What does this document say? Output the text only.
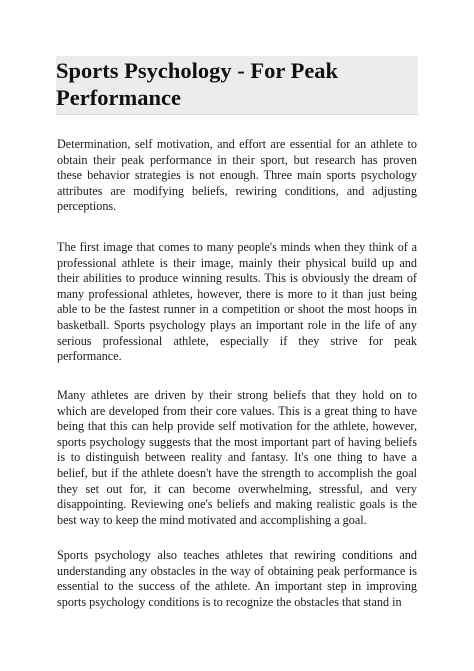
Sports Psychology - For Peak Performance

Determination, self motivation, and effort are essential for an athlete to obtain their peak performance in their sport, but research has proven these behavior strategies is not enough. Three main sports psychology attributes are modifying beliefs, rewiring conditions, and adjusting perceptions.

The first image that comes to many people's minds when they think of a professional athlete is their image, mainly their physical build up and their abilities to produce winning results. This is obviously the dream of many professional athletes, however, there is more to it than just being able to be the fastest runner in a competition or shoot the most hoops in basketball. Sports psychology plays an important role in the life of any serious professional athlete, especially if they strive for peak performance.

Many athletes are driven by their strong beliefs that they hold on to which are developed from their core values. This is a great thing to have being that this can help provide self motivation for the athlete, however, sports psychology suggests that the most important part of having beliefs is to distinguish between reality and fantasy. It's one thing to have a belief, but if the athlete doesn't have the strength to accomplish the goal they set out for, it can become overwhelming, stressful, and very disappointing. Reviewing one's beliefs and making realistic goals is the best way to keep the mind motivated and accomplishing a goal.

Sports psychology also teaches athletes that rewiring conditions and understanding any obstacles in the way of obtaining peak performance is essential to the success of the athlete. An important step in improving sports psychology conditions is to recognize the obstacles that stand in
